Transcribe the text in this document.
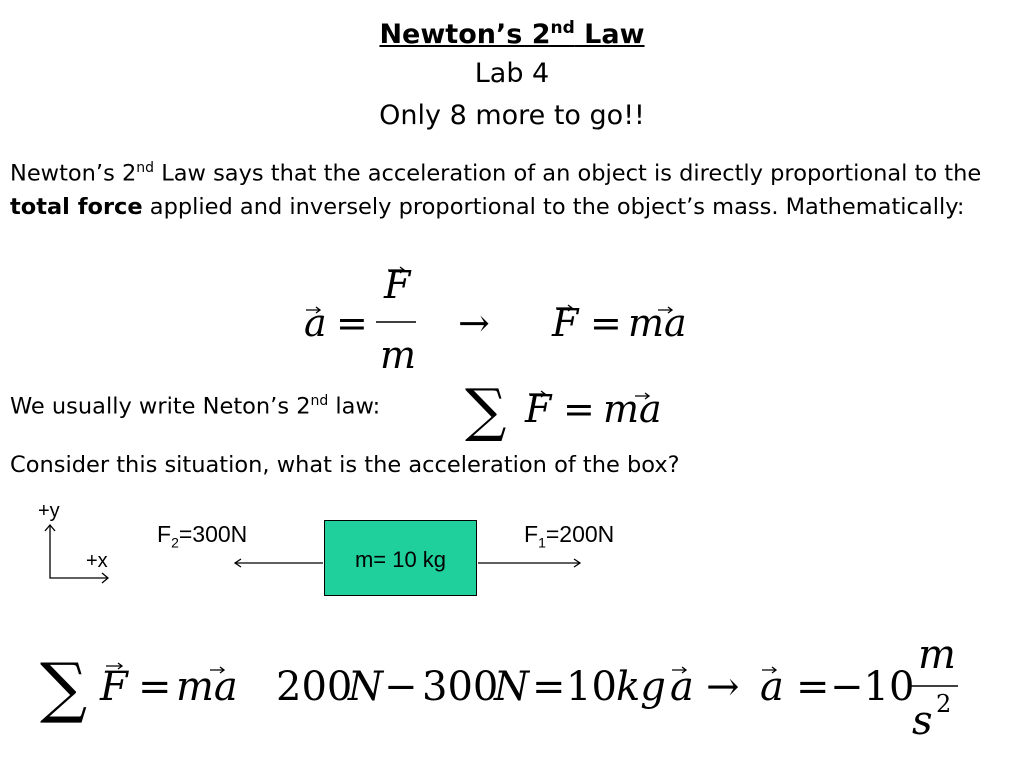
Newton’s 2nd Law
Lab 4
Only 8 more to go!!
Newton’s 2nd Law says that the acceleration of an object is directly proportional to the total force applied and inversely proportional to the object’s mass. Mathematically:
a =
F
m
→ F = ma
We usually write Neton’s 2nd law: ∑ F = ma
Consider this situation, what is the acceleration of the box?
+y
+x
$F_2=300N$	$F_1=200N$
m= 10 kg
∑ F = ma 200
N − 300
N = 10 kg a → a = −10
m
s 2
